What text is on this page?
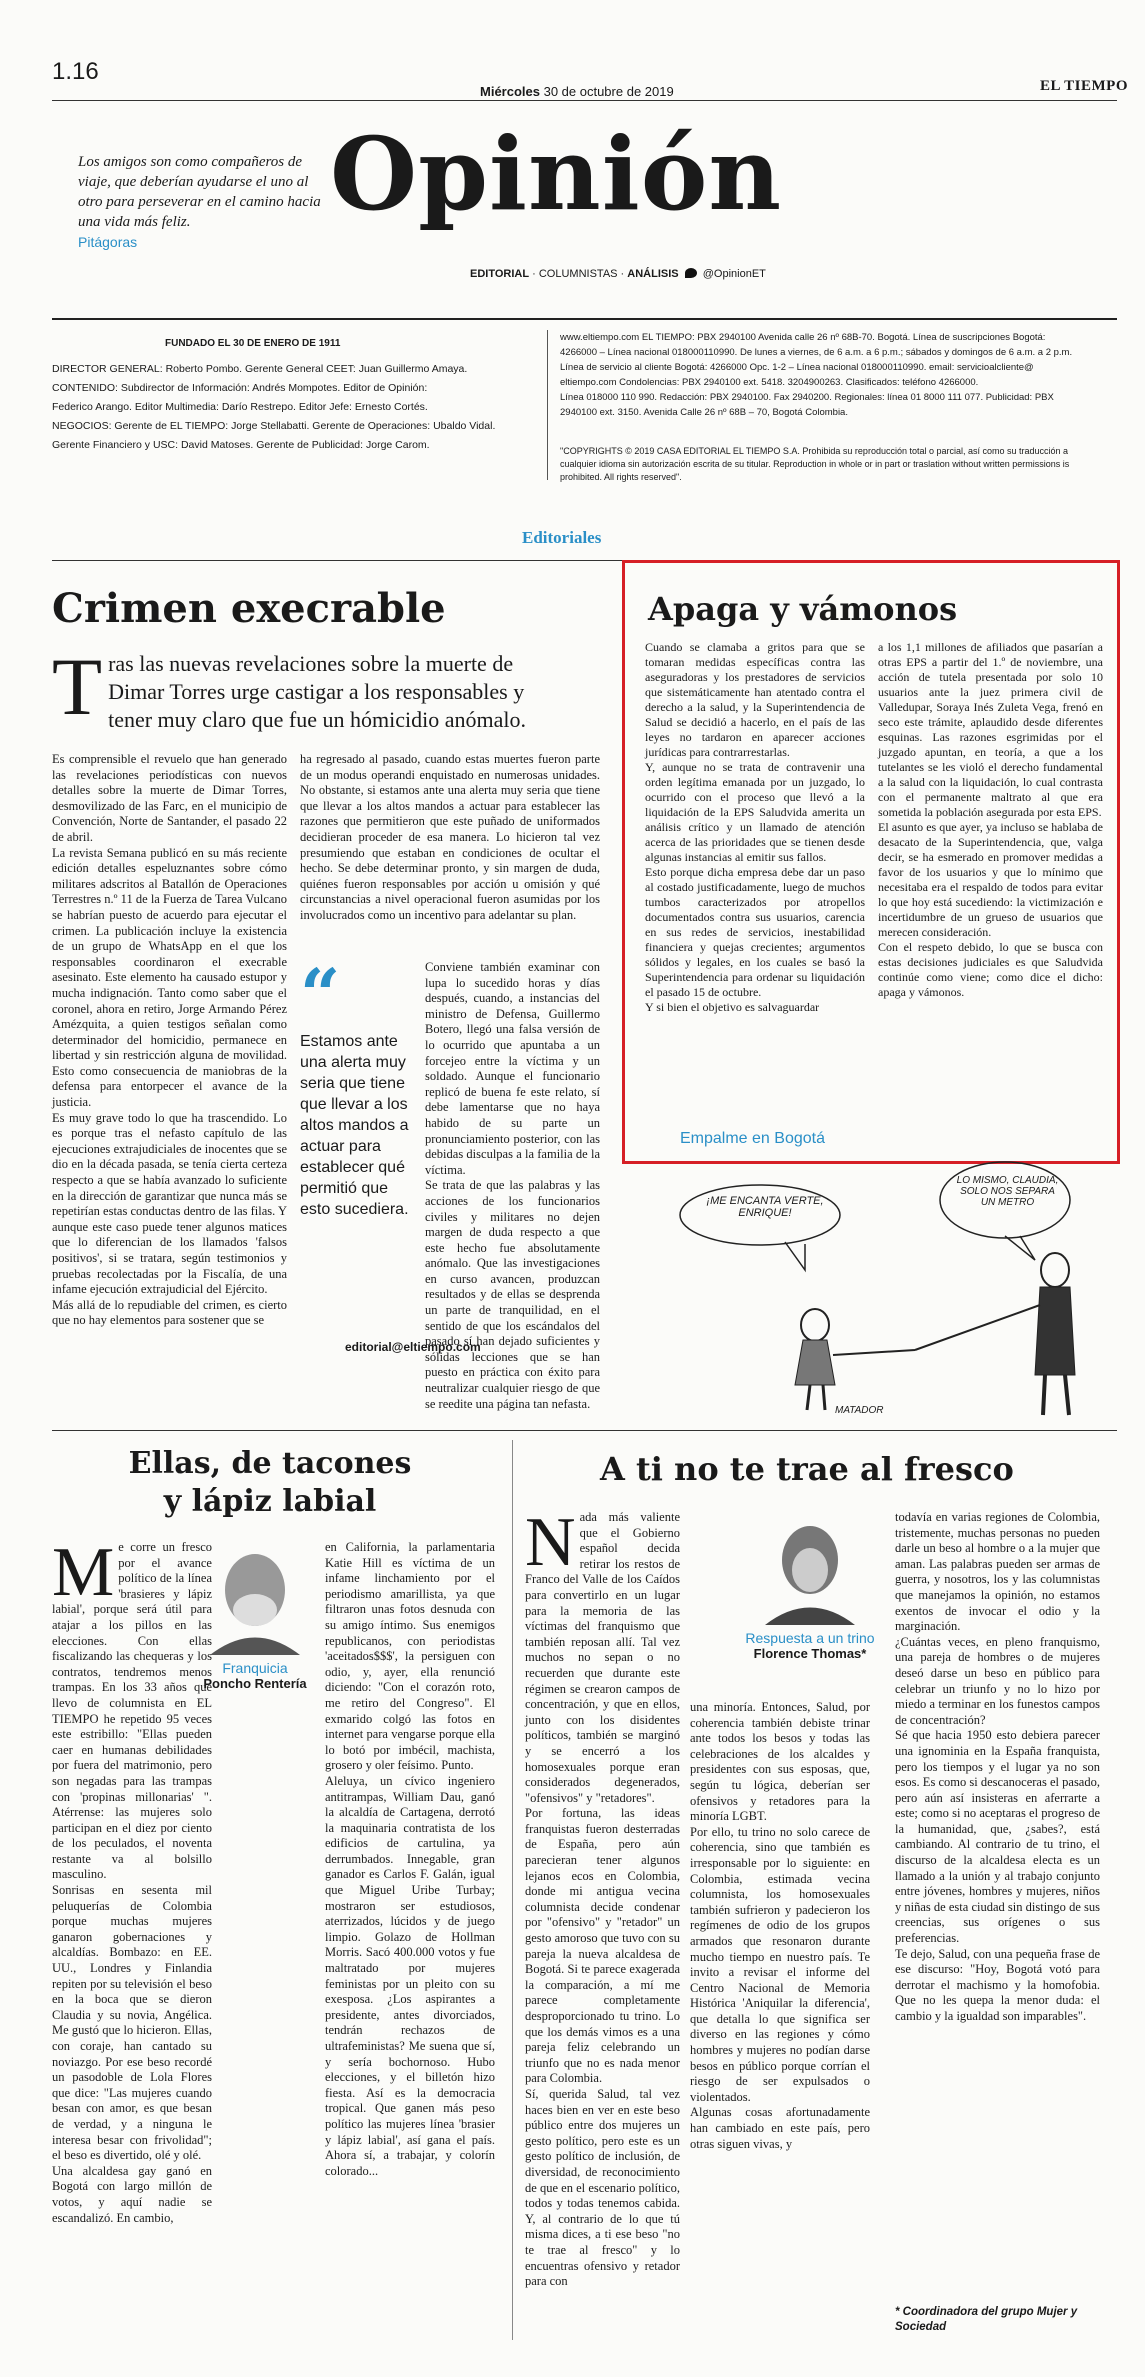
1.16
Miércoles 30 de octubre de 2019	EL TIEMPO
Los amigos son como compañeros de viaje, que deberían ayudarse el uno al otro para perseverar en el camino hacia una vida más feliz.
Pitágoras
Opinión
EDITORIAL · COLUMNISTAS · ANÁLISIS @OpinionET
FUNDADO EL 30 DE ENERO DE 1911
DIRECTOR GENERAL: Roberto Pombo. Gerente General CEET: Juan Guillermo Amaya.
CONTENIDO: Subdirector de Información: Andrés Mompotes. Editor de Opinión:
Federico Arango. Editor Multimedia: Darío Restrepo. Editor Jefe: Ernesto Cortés.
NEGOCIOS: Gerente de EL TIEMPO: Jorge Stellabatti. Gerente de Operaciones: Ubaldo Vidal.
Gerente Financiero y USC: David Matoses. Gerente de Publicidad: Jorge Carom.
www.eltiempo.com EL TIEMPO: PBX 2940100 Avenida calle 26 nº 68B-70. Bogotá. Línea de suscripciones Bogotá:
4266000 – Línea nacional 018000110990. De lunes a viernes, de 6 a.m. a 6 p.m.; sábados y domingos de 6 a.m. a 2 p.m.
Línea de servicio al cliente Bogotá: 4266000 Opc. 1-2 – Línea nacional 018000110990. email: servicioalcliente@
eltiempo.com Condolencias: PBX 2940100 ext. 5418. 3204900263. Clasificados: teléfono 4266000.
Línea 018000 110 990. Redacción: PBX 2940100. Fax 2940200. Regionales: línea 01 8000 111 077. Publicidad: PBX
2940100 ext. 3150. Avenida Calle 26 nº 68B – 70, Bogotá Colombia.
"COPYRIGHTS © 2019 CASA EDITORIAL EL TIEMPO S.A. Prohibida su reproducción total o parcial, así como su traducción a cualquier idioma sin autorización escrita de su titular. Reproduction in whole or in part or traslation without written permissions is prohibited. All rights reserved".
Editoriales
Crimen execrable
Tras las nuevas revelaciones sobre la muerte de Dimar Torres urge castigar a los responsables y tener muy claro que fue un hómicidio anómalo.
Es comprensible el revuelo que han generado las revelaciones periodísticas con nuevos detalles sobre la muerte de Dimar Torres, desmovilizado de las Farc, en el municipio de Convención, Norte de Santander, el pasado 22 de abril.
La revista Semana publicó en su más reciente edición detalles espeluznantes sobre cómo militares adscritos al Batallón de Operaciones Terrestres n.º 11 de la Fuerza de Tarea Vulcano se habrían puesto de acuerdo para ejecutar el crimen. La publicación incluye la existencia de un grupo de WhatsApp en el que los responsables coordinaron el execrable asesinato. Este elemento ha causado estupor y mucha indignación. Tanto como saber que el coronel, ahora en retiro, Jorge Armando Pérez Amézquita, a quien testigos señalan como determinador del homicidio, permanece en libertad y sin restricción alguna de movilidad. Esto como consecuencia de maniobras de la defensa para entorpecer el avance de la justicia.
Es muy grave todo lo que ha trascendido. Lo es porque tras el nefasto capítulo de las ejecuciones extrajudiciales de inocentes que se dio en la década pasada, se tenía cierta certeza respecto a que se había avanzado lo suficiente en la dirección de garantizar que nunca más se repetirían estas conductas dentro de las filas. Y aunque este caso puede tener algunos matices que lo diferencian de los llamados 'falsos positivos', si se tratara, según testimonios y pruebas recolectadas por la Fiscalía, de una infame ejecución extrajudicial del Ejército.
Más allá de lo repudiable del crimen, es cierto que no hay elementos para sostener que se
ha regresado al pasado, cuando estas muertes fueron parte de un modus operandi enquistado en numerosas unidades. No obstante, si estamos ante una alerta muy seria que tiene que llevar a los altos mandos a actuar para establecer las razones que permitieron que este puñado de uniformados decidieran proceder de esa manera. Lo hicieron tal vez presumiendo que estaban en condiciones de ocultar el hecho. Se debe determinar pronto, y sin margen de duda, quiénes fueron responsables por acción u omisión y qué circunstancias a nivel operacional fueron asumidas por los involucrados como un incentivo para adelantar su plan.
“
Estamos ante una alerta muy seria que tiene que llevar a los altos mandos a actuar para establecer qué permitió que esto sucediera.
Conviene también examinar con lupa lo sucedido horas y días después, cuando, a instancias del ministro de Defensa, Guillermo Botero, llegó una falsa versión de lo ocurrido que apuntaba a un forcejeo entre la víctima y un soldado. Aunque el funcionario replicó de buena fe este relato, sí debe lamentarse que no haya habido de su parte un pronunciamiento posterior, con las debidas disculpas a la familia de la víctima.
Se trata de que las palabras y las acciones de los funcionarios civiles y militares no dejen margen de duda respecto a que este hecho fue absolutamente anómalo. Que las investigaciones en curso avancen, produzcan resultados y de ellas se desprenda un parte de tranquilidad, en el sentido de que los escándalos del pasado sí han dejado suficientes y sólidas lecciones que se han puesto en práctica con éxito para neutralizar cualquier riesgo de que se reedite una página tan nefasta.
editorial@eltiempo.com
Apaga y vámonos
Cuando se clamaba a gritos para que se tomaran medidas específicas contra las aseguradoras y los prestadores de servicios que sistemáticamente han atentado contra el derecho a la salud, y la Superintendencia de Salud se decidió a hacerlo, en el país de las leyes no tardaron en aparecer acciones jurídicas para contrarrestarlas.
Y, aunque no se trata de contravenir una orden legítima emanada por un juzgado, lo ocurrido con el proceso que llevó a la liquidación de la EPS Saludvida amerita un análisis crítico y un llamado de atención acerca de las prioridades que se tienen desde algunas instancias al emitir sus fallos.
Esto porque dicha empresa debe dar un paso al costado justificadamente, luego de muchos tumbos caracterizados por atropellos documentados contra sus usuarios, carencia en sus redes de servicios, inestabilidad financiera y quejas crecientes; argumentos sólidos y legales, en los cuales se basó la Superintendencia para ordenar su liquidación el pasado 15 de octubre.
Y si bien el objetivo es salvaguardar
a los 1,1 millones de afiliados que pasarían a otras EPS a partir del 1.º de noviembre, una acción de tutela presentada por solo 10 usuarios ante la juez primera civil de Valledupar, Soraya Inés Zuleta Vega, frenó en seco este trámite, aplaudido desde diferentes esquinas. Las razones esgrimidas por el juzgado apuntan, en teoría, a que a los tutelantes se les violó el derecho fundamental a la salud con la liquidación, lo cual contrasta con el permanente maltrato al que era sometida la población asegurada por esta EPS.
El asunto es que ayer, ya incluso se hablaba de desacato de la Superintendencia, que, valga decir, se ha esmerado en promover medidas a favor de los usuarios y que lo mínimo que necesitaba era el respaldo de todos para evitar lo que hoy está sucediendo: la victimización e incertidumbre de un grueso de usuarios que merecen consideración.
Con el respeto debido, lo que se busca con estas decisiones judiciales es que Saludvida continúe como viene; como dice el dicho: apaga y vámonos.
Empalme en Bogotá
¡ME ENCANTA VERTE, ENRIQUE!
LO MISMO, CLAUDIA, SOLO NOS SEPARA UN METRO
MATADOR
Ellas, de tacones
y lápiz labial
A ti no te trae al fresco
Me corre un fresco por el avance político de la línea 'brasieres y lápiz labial', porque será útil para atajar a los pillos en las elecciones. Con ellas fiscalizando las chequeras y los contratos, tendremos menos trampas. En los 33 años que llevo de columnista en EL TIEMPO he repetido 95 veces este estribillo: "Ellas pueden caer en humanas debilidades por fuera del matrimonio, pero son negadas para las trampas con 'propinas millonarias' ". Atérrense: las mujeres solo participan en el diez por ciento de los peculados, el noventa restante va al bolsillo masculino.
Sonrisas en sesenta mil peluquerías de Colombia porque muchas mujeres ganaron gobernaciones y alcaldías. Bombazo: en EE. UU., Londres y Finlandia repiten por su televisión el beso en la boca que se dieron Claudia y su novia, Angélica. Me gustó que lo hicieron. Ellas, con coraje, han cantado su noviazgo. Por ese beso recordé un pasodoble de Lola Flores que dice: "Las mujeres cuando besan con amor, es que besan de verdad, y a ninguna le interesa besar con frivolidad"; el beso es divertido, olé y olé.
Una alcaldesa gay ganó en Bogotá con largo millón de votos, y aquí nadie se escandalizó. En cambio,
Franquicia
Poncho Rentería
en California, la parlamentaria Katie Hill es víctima de un infame linchamiento por el periodismo amarillista, ya que filtraron unas fotos desnuda con su amigo íntimo. Sus enemigos republicanos, con periodistas 'aceitados$$$', la persiguen con odio, y, ayer, ella renunció diciendo: "Con el corazón roto, me retiro del Congreso". El exmarido colgó las fotos en internet para vengarse porque ella lo botó por imbécil, machista, grosero y oler feísimo. Punto.
Aleluya, un cívico ingeniero antitrampas, William Dau, ganó la alcaldía de Cartagena, derrotó la maquinaria contratista de los edificios de cartulina, ya derrumbados. Innegable, gran ganador es Carlos F. Galán, igual que Miguel Uribe Turbay; mostraron ser estudiosos, aterrizados, lúcidos y de juego limpio. Golazo de Hollman Morris. Sacó 400.000 votos y fue maltratado por mujeres feministas por un pleito con su exesposa. ¿Los aspirantes a presidente, antes divorciados, tendrán rechazos de ultrafeministas? Me suena que sí, y sería bochornoso. Hubo elecciones, y el billetón hizo fiesta. Así es la democracia tropical. Que ganen más peso político las mujeres línea 'brasier y lápiz labial', así gana el país. Ahora sí, a trabajar, y colorín colorado...
Nada más valiente que el Gobierno español decida retirar los restos de Franco del Valle de los Caídos para convertirlo en un lugar para la memoria de las víctimas del franquismo que también reposan allí. Tal vez muchos no sepan o no recuerden que durante este régimen se crearon campos de concentración, y que en ellos, junto con los disidentes políticos, también se marginó y se encerró a los homosexuales porque eran considerados degenerados, "ofensivos" y "retadores".
Por fortuna, las ideas franquistas fueron desterradas de España, pero aún parecieran tener algunos lejanos ecos en Colombia, donde mi antigua vecina columnista decide condenar por "ofensivo" y "retador" un gesto amoroso que tuvo con su pareja la nueva alcaldesa de Bogotá. Si te parece exagerada la comparación, a mí me parece completamente desproporcionado tu trino. Lo que los demás vimos es a una pareja feliz celebrando un triunfo que no es nada menor para Colombia.
Sí, querida Salud, tal vez haces bien en ver en este beso público entre dos mujeres un gesto político, pero este es un gesto político de inclusión, de diversidad, de reconocimiento de que en el escenario político, todos y todas tenemos cabida. Y, al contrario de lo que tú misma dices, a ti ese beso "no te trae al fresco" y lo encuentras ofensivo y retador para con
Respuesta a un trino
Florence Thomas*
una minoría. Entonces, Salud, por coherencia también debiste trinar ante todos los besos y todas las celebraciones de los alcaldes y presidentes con sus esposas, que, según tu lógica, deberían ser ofensivos y retadores para la minoría LGBT.
Por ello, tu trino no solo carece de coherencia, sino que también es irresponsable por lo siguiente: en Colombia, estimada vecina columnista, los homosexuales también sufrieron y padecieron los regímenes de odio de los grupos armados que resonaron durante mucho tiempo en nuestro país. Te invito a revisar el informe del Centro Nacional de Memoria Histórica 'Aniquilar la diferencia', que detalla lo que significa ser diverso en las regiones y cómo hombres y mujeres no podían darse besos en público porque corrían el riesgo de ser expulsados o violentados.
Algunas cosas afortunadamente han cambiado en este país, pero otras siguen vivas, y
todavía en varias regiones de Colombia, tristemente, muchas personas no pueden darle un beso al hombre o a la mujer que aman. Las palabras pueden ser armas de guerra, y nosotros, los y las columnistas que manejamos la opinión, no estamos exentos de invocar el odio y la marginación.
¿Cuántas veces, en pleno franquismo, una pareja de hombres o de mujeres deseó darse un beso en público para celebrar un triunfo y no lo hizo por miedo a terminar en los funestos campos de concentración?
Sé que hacia 1950 esto debiera parecer una ignominia en la España franquista, pero los tiempos y el lugar ya no son esos. Es como si descanoceras el pasado, pero aún así insisteras en aferrarte a este; como si no aceptaras el progreso de la humanidad, que, ¿sabes?, está cambiando. Al contrario de tu trino, el discurso de la alcaldesa electa es un llamado a la unión y al trabajo conjunto entre jóvenes, hombres y mujeres, niños y niñas de esta ciudad sin distingo de sus creencias, sus orígenes o sus preferencias.
Te dejo, Salud, con una pequeña frase de ese discurso: "Hoy, Bogotá votó para derrotar el machismo y la homofobia. Que no les quepa la menor duda: el cambio y la igualdad son imparables".
* Coordinadora del grupo Mujer y Sociedad
